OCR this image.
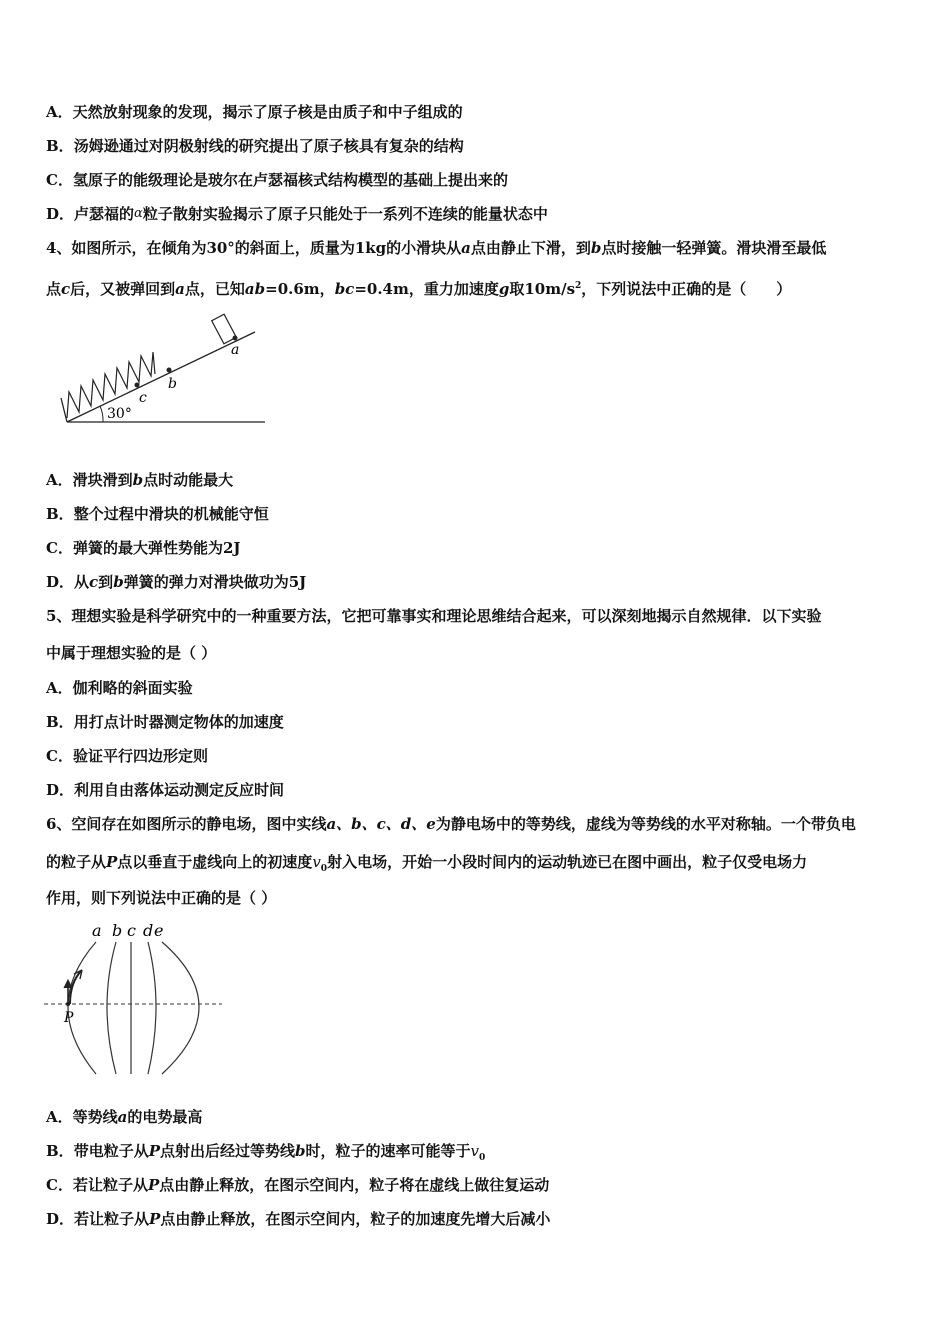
A．天然放射现象的发现，揭示了原子核是由质子和中子组成的
B．汤姆逊通过对阴极射线的研究提出了原子核具有复杂的结构
C．氢原子的能级理论是玻尔在卢瑟福核式结构模型的基础上提出来的
D．卢瑟福的α粒子散射实验揭示了原子只能处于一系列不连续的能量状态中
4、如图所示，在倾角为30°的斜面上，质量为1kg的小滑块从a点由静止下滑，到b点时接触一轻弹簧。滑块滑至最低
点c后，又被弹回到a点，已知ab=0.6m，bc=0.4m，重力加速度g取$10m/s^2$，下列说法中正确的是（　　）
c
b
a
30°
A．滑块滑到b点时动能最大
B．整个过程中滑块的机械能守恒
C．弹簧的最大弹性势能为2J
D．从c到b弹簧的弹力对滑块做功为5J
5、理想实验是科学研究中的一种重要方法，它把可靠事实和理论思维结合起来，可以深刻地揭示自然规律．以下实验
中属于理想实验的是（ ）
A．伽利略的斜面实验
B．用打点计时器测定物体的加速度
C．验证平行四边形定则
D．利用自由落体运动测定反应时间
6、空间存在如图所示的静电场，图中实线a、b、c、d、e为静电场中的等势线，虚线为等势线的水平对称轴。一个带负电
的粒子从P点以垂直于虚线向上的初速度$v_0$射入电场，开始一小段时间内的运动轨迹已在图中画出，粒子仅受电场力
作用，则下列说法中正确的是（ ）
a b c d e
P
A．等势线a的电势最高
B．带电粒子从P点射出后经过等势线b时，粒子的速率可能等于$v_0$
C．若让粒子从P点由静止释放，在图示空间内，粒子将在虚线上做往复运动
D．若让粒子从P点由静止释放，在图示空间内，粒子的加速度先增大后减小
